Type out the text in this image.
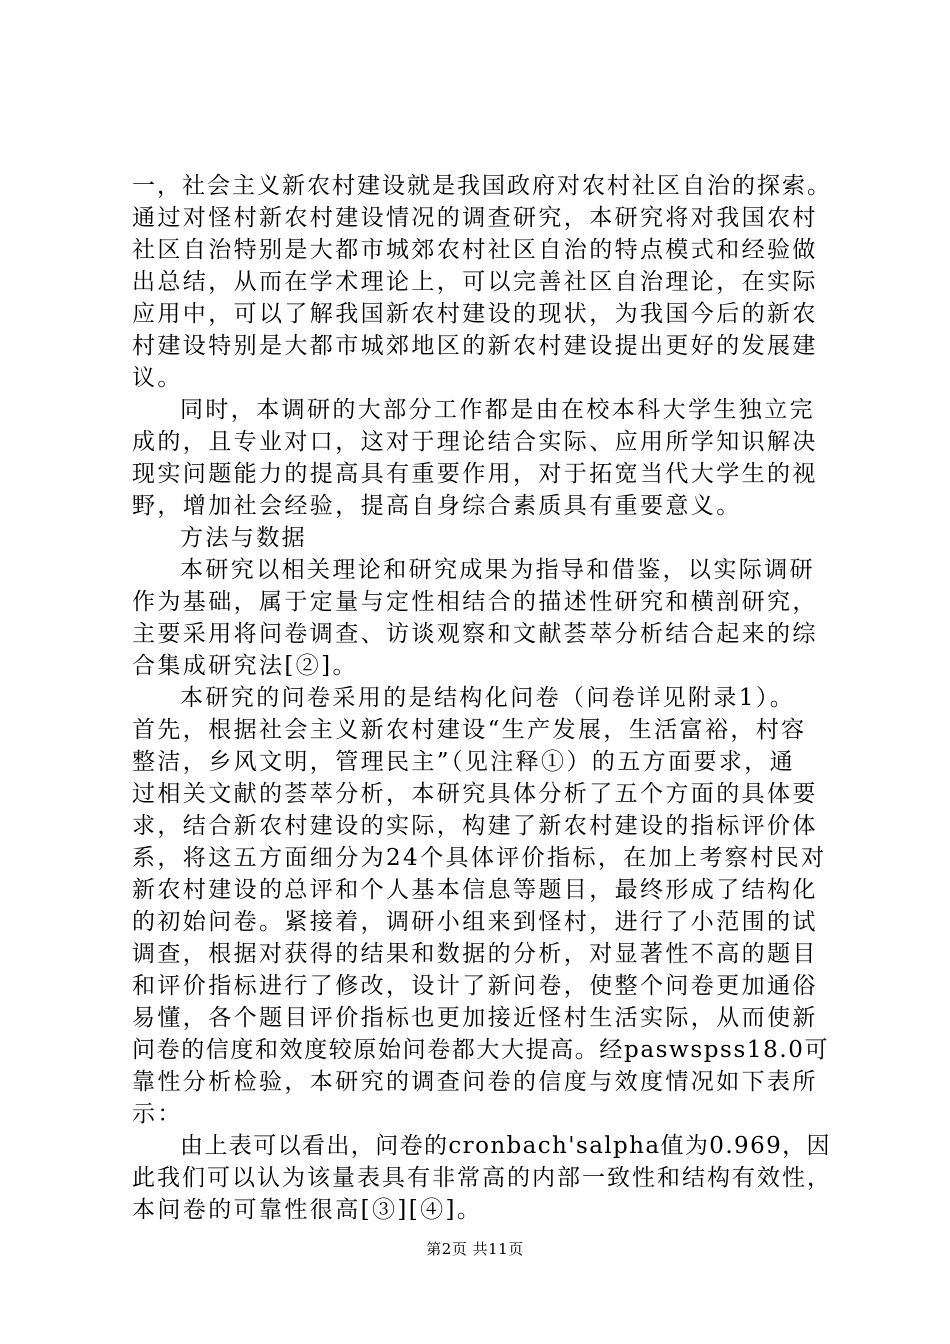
一，社会主义新农村建设就是我国政府对农村社区自治的探索。
通过对怪村新农村建设情况的调查研究，本研究将对我国农村
社区自治特别是大都市城郊农村社区自治的特点模式和经验做
出总结，从而在学术理论上，可以完善社区自治理论，在实际
应用中，可以了解我国新农村建设的现状，为我国今后的新农
村建设特别是大都市城郊地区的新农村建设提出更好的发展建
议。
同时，本调研的大部分工作都是由在校本科大学生独立完
成的，且专业对口，这对于理论结合实际、应用所学知识解决
现实问题能力的提高具有重要作用，对于拓宽当代大学生的视
野，增加社会经验，提高自身综合素质具有重要意义。
方法与数据
本研究以相关理论和研究成果为指导和借鉴，以实际调研
作为基础，属于定量与定性相结合的描述性研究和横剖研究，
主要采用将问卷调查、访谈观察和文献荟萃分析结合起来的综
合集成研究法[②]。
本研究的问卷采用的是结构化问卷（问卷详见附录1）。
首先，根据社会主义新农村建设“生产发展，生活富裕，村容
整洁，乡风文明，管理民主”（见注释①）的五方面要求，通
过相关文献的荟萃分析，本研究具体分析了五个方面的具体要
求，结合新农村建设的实际，构建了新农村建设的指标评价体
系，将这五方面细分为24个具体评价指标，在加上考察村民对
新农村建设的总评和个人基本信息等题目，最终形成了结构化
的初始问卷。紧接着，调研小组来到怪村，进行了小范围的试
调查，根据对获得的结果和数据的分析，对显著性不高的题目
和评价指标进行了修改，设计了新问卷，使整个问卷更加通俗
易懂，各个题目评价指标也更加接近怪村生活实际，从而使新
问卷的信度和效度较原始问卷都大大提高。经paswspss18.0可
靠性分析检验，本研究的调查问卷的信度与效度情况如下表所
示：
由上表可以看出，问卷的cronbach'salpha值为0.969，因
此我们可以认为该量表具有非常高的内部一致性和结构有效性，
本问卷的可靠性很高[③][④]。
第2页 共11页
